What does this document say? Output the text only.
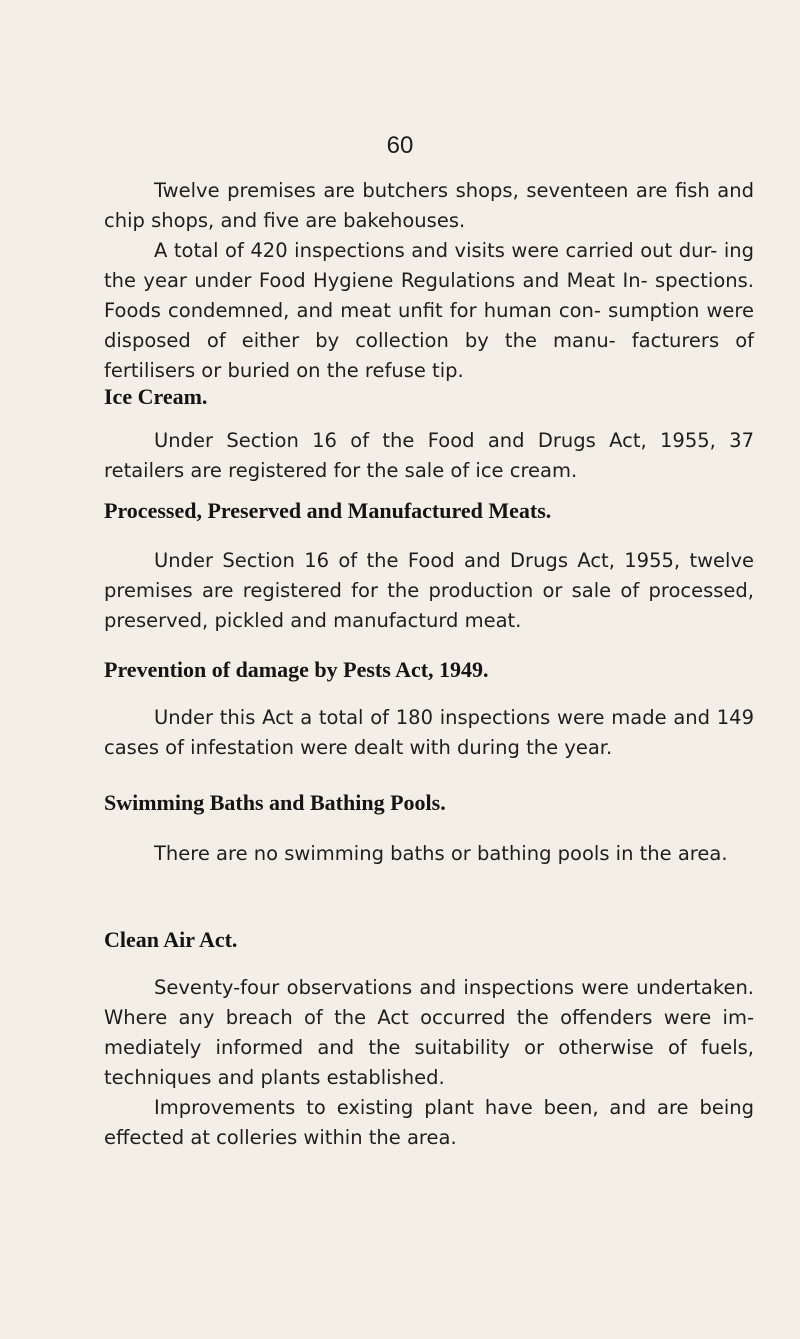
60

Twelve premises are butchers shops, seventeen are fish and chip shops, and five are bakehouses.

A total of 420 inspections and visits were carried out dur- ing the year under Food Hygiene Regulations and Meat In- spections. Foods condemned, and meat unfit for human con- sumption were disposed of either by collection by the manu- facturers of fertilisers or buried on the refuse tip.

Ice Cream.

Under Section 16 of the Food and Drugs Act, 1955, 37 retailers are registered for the sale of ice cream.

Processed, Preserved and Manufactured Meats.

Under Section 16 of the Food and Drugs Act, 1955, twelve premises are registered for the production or sale of processed, preserved, pickled and manufacturd meat.

Prevention of damage by Pests Act, 1949.

Under this Act a total of 180 inspections were made and 149 cases of infestation were dealt with during the year.

Swimming Baths and Bathing Pools.

There are no swimming baths or bathing pools in the area.

Clean Air Act.

Seventy-four observations and inspections were undertaken. Where any breach of the Act occurred the offenders were im- mediately informed and the suitability or otherwise of fuels, techniques and plants established.

Improvements to existing plant have been, and are being effected at colleries within the area.
